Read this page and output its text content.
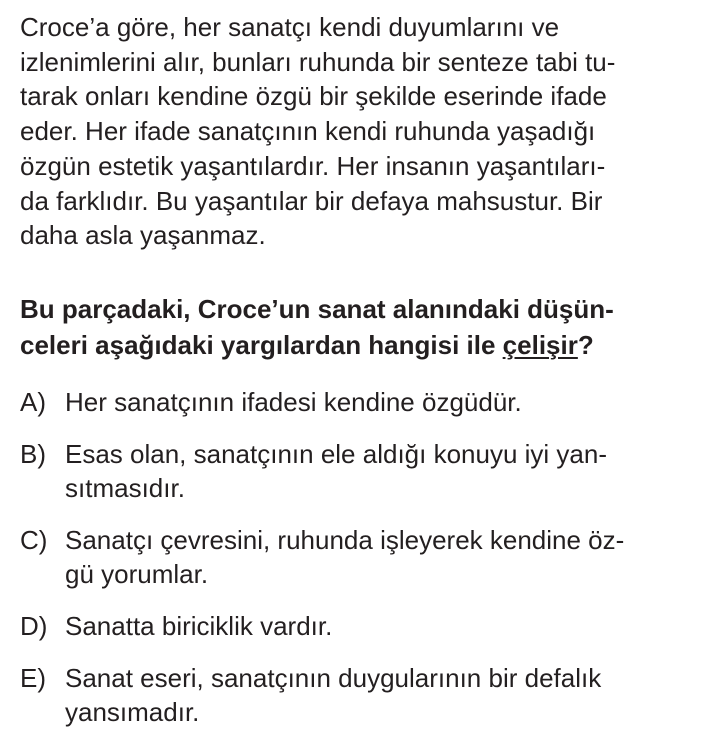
Croce’a göre, her sanatçı kendi duyumlarını ve
izlenimlerini alır, bunları ruhunda bir senteze tabi tu-
tarak onları kendine özgü bir şekilde eserinde ifade
eder. Her ifade sanatçının kendi ruhunda yaşadığı
özgün estetik yaşantılardır. Her insanın yaşantıları-
da farklıdır. Bu yaşantılar bir defaya mahsustur. Bir
daha asla yaşanmaz.

Bu parçadaki, Croce’un sanat alanındaki düşün-
celeri aşağıdaki yargılardan hangisi ile çelişir?
A) Her sanatçının ifadesi kendine özgüdür.
B) Esas olan, sanatçının ele aldığı konuyu iyi yan-
sıtmasıdır.
C) Sanatçı çevresini, ruhunda işleyerek kendine öz-
gü yorumlar.
D) Sanatta biriciklik vardır.
E) Sanat eseri, sanatçının duygularının bir defalık
yansımadır.
